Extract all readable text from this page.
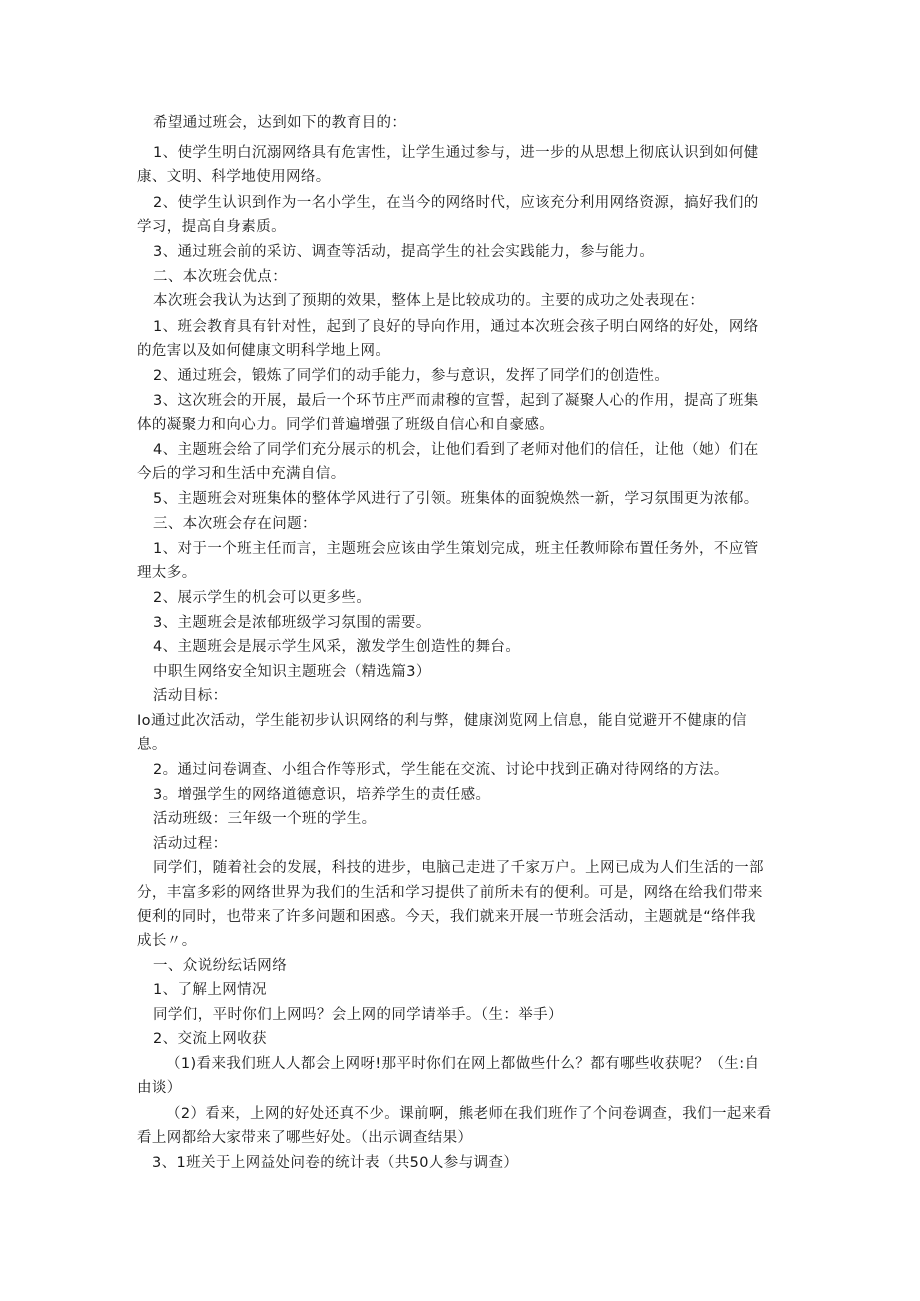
希望通过班会，达到如下的教育目的：
1、使学生明白沉溺网络具有危害性，让学生通过参与，进一步的从思想上彻底认识到如何健
康、文明、科学地使用网络。
2、使学生认识到作为一名小学生，在当今的网络时代，应该充分利用网络资源，搞好我们的
学习，提高自身素质。
3、通过班会前的采访、调查等活动，提高学生的社会实践能力，参与能力。
二、本次班会优点：
本次班会我认为达到了预期的效果，整体上是比较成功的。主要的成功之处表现在：
1、班会教育具有针对性，起到了良好的导向作用，通过本次班会孩子明白网络的好处，网络
的危害以及如何健康文明科学地上网。
2、通过班会，锻炼了同学们的动手能力，参与意识，发挥了同学们的创造性。
3、这次班会的开展，最后一个环节庄严而肃穆的宣誓，起到了凝聚人心的作用，提高了班集
体的凝聚力和向心力。同学们普遍增强了班级自信心和自豪感。
4、主题班会给了同学们充分展示的机会，让他们看到了老师对他们的信任，让他（她）们在
今后的学习和生活中充满自信。
5、主题班会对班集体的整体学风进行了引领。班集体的面貌焕然一新，学习氛围更为浓郁。
三、本次班会存在问题：
1、对于一个班主任而言，主题班会应该由学生策划完成，班主任教师除布置任务外，不应管
理太多。
2、展示学生的机会可以更多些。
3、主题班会是浓郁班级学习氛围的需要。
4、主题班会是展示学生风采，激发学生创造性的舞台。
中职生网络安全知识主题班会（精选篇3）
活动目标：
Io通过此次活动，学生能初步认识网络的利与弊，健康浏览网上信息，能自觉避开不健康的信
息。
2。通过问卷调查、小组合作等形式，学生能在交流、讨论中找到正确对待网络的方法。
3。增强学生的网络道德意识，培养学生的责任感。
活动班级：三年级一个班的学生。
活动过程：
同学们，随着社会的发展，科技的进步，电脑己走进了千家万户。上网已成为人们生活的一部
分，丰富多彩的网络世界为我们的生活和学习提供了前所未有的便利。可是，网络在给我们带来
便利的同时，也带来了许多问题和困惑。今天，我们就来开展一节班会活动，主题就是“络伴我
成长〃。
一、众说纷纭话网络
1、了解上网情况
同学们，平时你们上网吗？会上网的同学请举手。（生：举手）
2、交流上网收获
（1)看来我们班人人都会上网呀!那平时你们在网上都做些什么？都有哪些收获呢？（生:自
由谈）
（2）看来，上网的好处还真不少。课前啊，熊老师在我们班作了个问卷调查，我们一起来看
看上网都给大家带来了哪些好处。（出示调查结果）
3、1班关于上网益处问卷的统计表（共50人参与调查）
